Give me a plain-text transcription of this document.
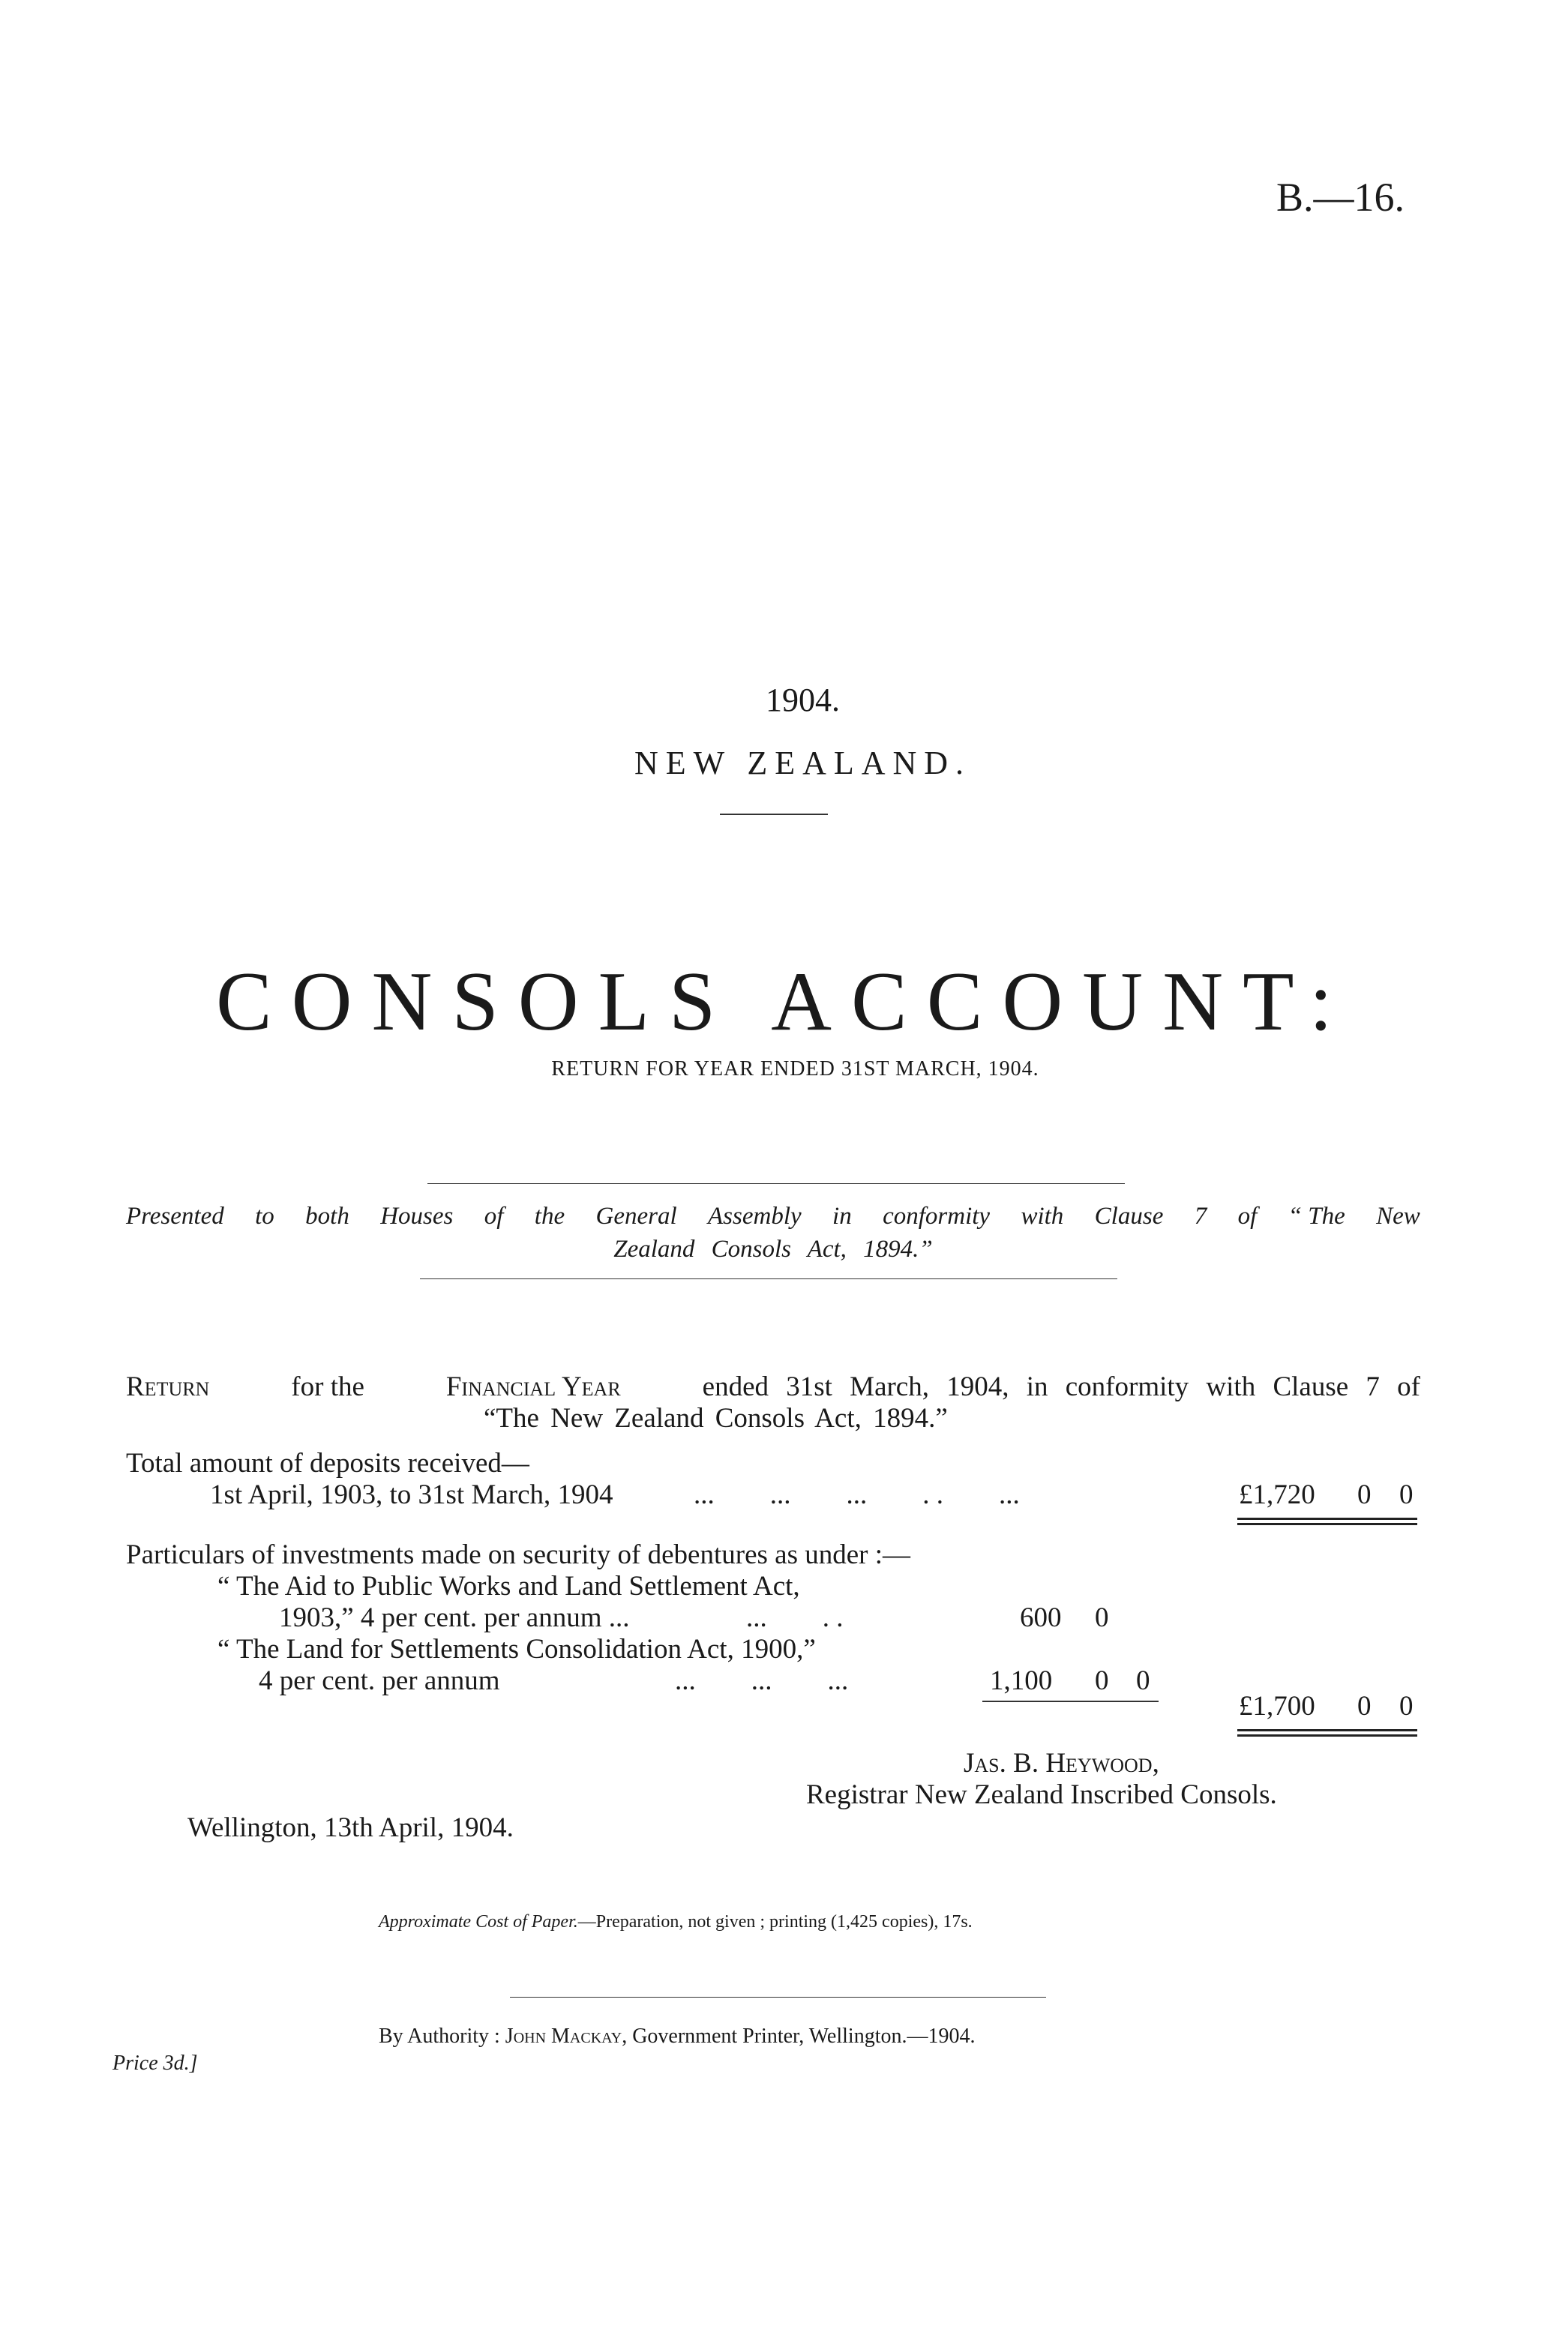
B.—16.
1904.
NEW ZEALAND.
CONSOLS ACCOUNT:
RETURN FOR YEAR ENDED 31ST MARCH, 1904.
Presented to both Houses of the General Assembly in conformity with Clause 7 of “ The New
Zealand Consols Act, 1894.”
Return	for the	Financial Year	ended 31st March, 1904, in conformity with Clause 7 of
“The New Zealand Consols Act, 1894.”
Total amount of deposits received—
1st April, 1903, to 31st March, 1904	...        ...        ...        . .        ...	£1,720 0 0
Particulars of investments made on security of debentures as under :—
“ The Aid to Public Works and Land Settlement Act,
1903,” 4 per cent. per annum ...	...        . .	600 0
“ The Land for Settlements Consolidation Act, 1900,”
4 per cent. per annum	...        ...        ...	1,100 0 0
£1,700 0 0
Jas. B. Heywood,
Registrar New Zealand Inscribed Consols.
Wellington, 13th April, 1904.
Approximate Cost of Paper.—Preparation, not given ; printing (1,425 copies), 17s.
By Authority : John Mackay, Government Printer, Wellington.—1904.
Price 3d.]
